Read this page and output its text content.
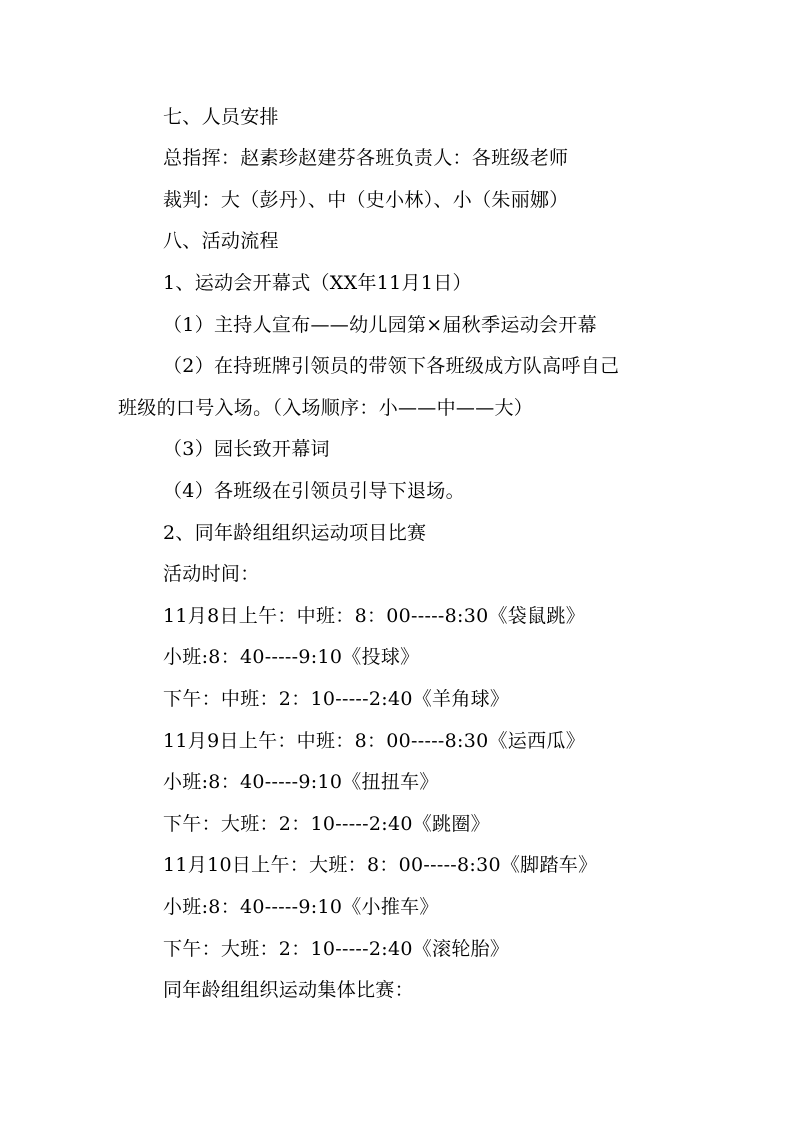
七、人员安排
总指挥：赵素珍赵建芬各班负责人：各班级老师
裁判：大（彭丹）、中（史小林）、小（朱丽娜）
八、活动流程
1、运动会开幕式（XX年11月1日）
（1）主持人宣布——幼儿园第×届秋季运动会开幕
（2）在持班牌引领员的带领下各班级成方队高呼自己
班级的口号入场。（入场顺序：小——中——大）
（3）园长致开幕词
（4）各班级在引领员引导下退场。
2、同年龄组组织运动项目比赛
活动时间：
11月8日上午：中班：8：00-----8:30《袋鼠跳》
小班:8：40-----9:10《投球》
下午：中班：2：10-----2:40《羊角球》
11月9日上午：中班：8：00-----8:30《运西瓜》
小班:8：40-----9:10《扭扭车》
下午：大班：2：10-----2:40《跳圈》
11月10日上午：大班：8：00-----8:30《脚踏车》
小班:8：40-----9:10《小推车》
下午：大班：2：10-----2:40《滚轮胎》
同年龄组组织运动集体比赛：
